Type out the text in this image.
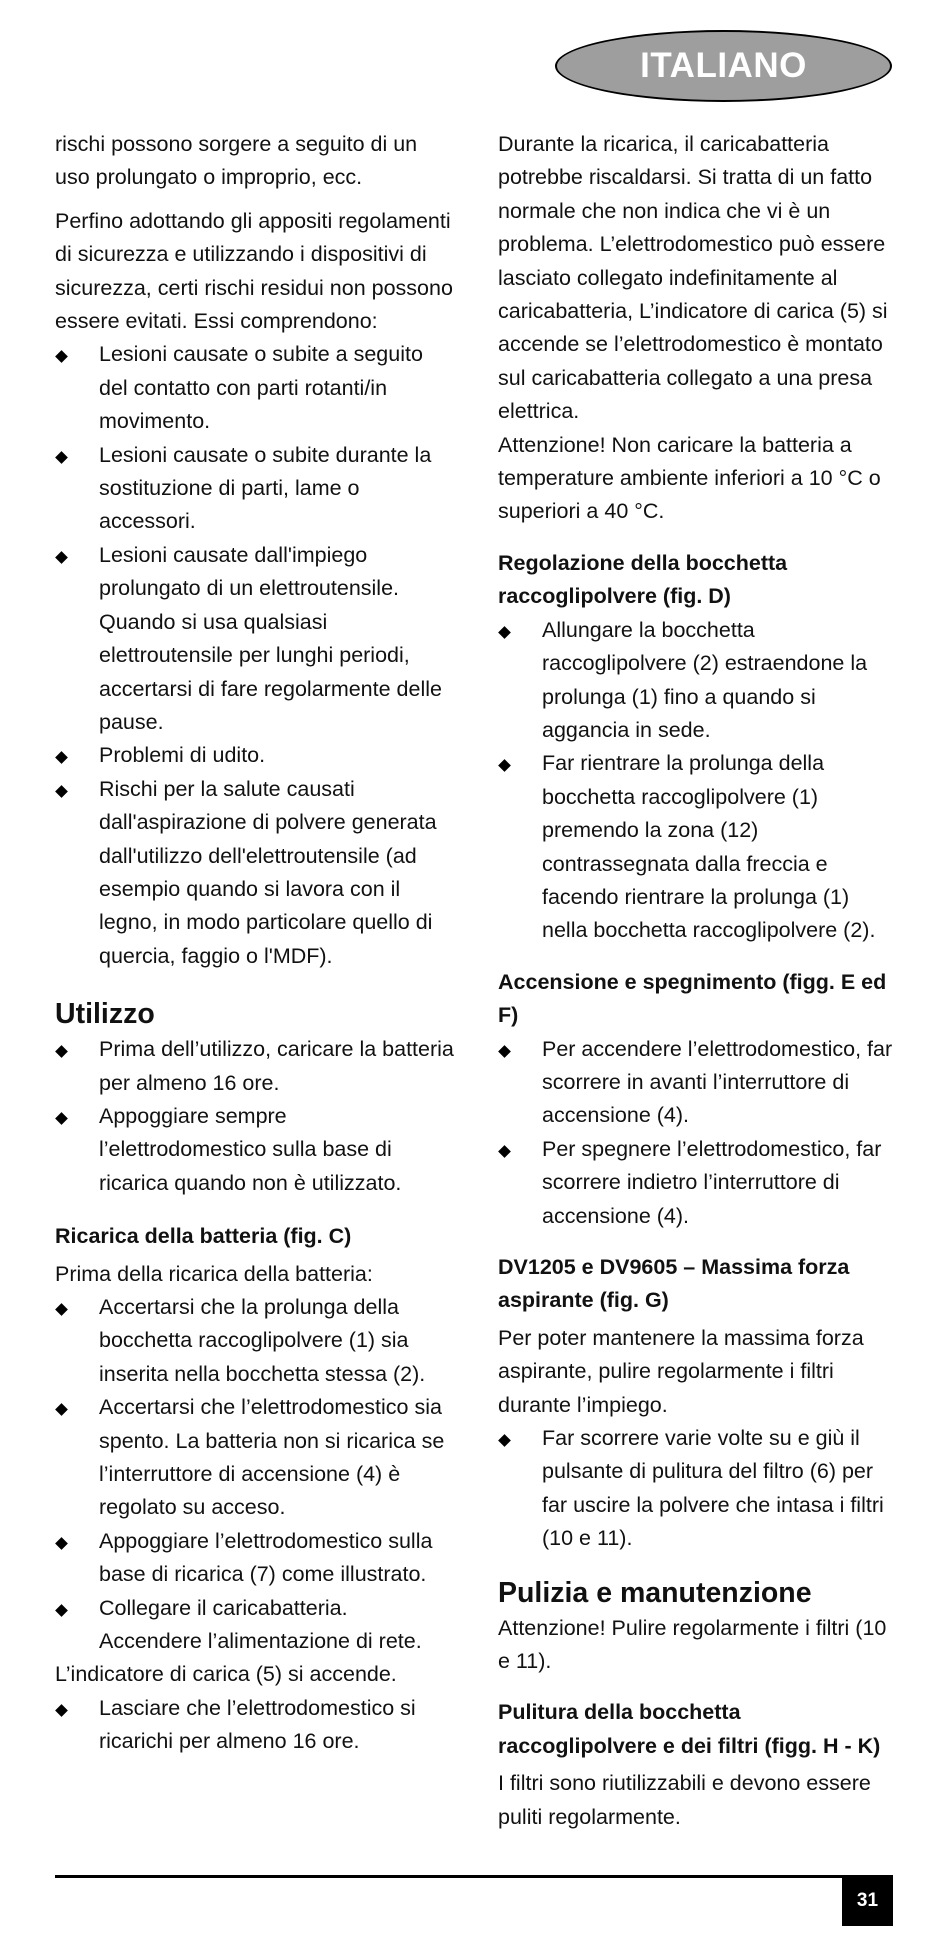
ITALIANO

rischi possono sorgere a seguito di un uso prolungato o improprio, ecc.

Perfino adottando gli appositi regolamenti di sicurezza e utilizzando i dispositivi di sicurezza, certi rischi residui non possono essere evitati. Essi comprendono:

Lesioni causate o subite a seguito del contatto con parti rotanti/in movimento.
Lesioni causate o subite durante la sostituzione di parti, lame o accessori.
Lesioni causate dall'impiego prolungato di un elettroutensile. Quando si usa qualsiasi elettroutensile per lunghi periodi, accertarsi di fare regolarmente delle pause.
Problemi di udito.
Rischi per la salute causati dall'aspirazione di polvere generata dall'utilizzo dell'elettroutensile (ad esempio quando si lavora con il legno, in modo particolare quello di quercia, faggio o l'MDF).
Utilizzo
Prima dell’utilizzo, caricare la batteria per almeno 16 ore.
Appoggiare sempre l’elettrodomestico sulla base di ricarica quando non è utilizzato.
Ricarica della batteria (fig. C)

Prima della ricarica della batteria:

Accertarsi che la prolunga della bocchetta raccoglipolvere (1) sia inserita nella bocchetta stessa (2).
Accertarsi che l’elettrodomestico sia spento. La batteria non si ricarica se l’interruttore di accensione (4) è regolato su acceso.
Appoggiare l’elettrodomestico sulla base di ricarica (7) come illustrato.
Collegare il caricabatteria. Accendere l’alimentazione di rete.

L’indicatore di carica (5) si accende.

Lasciare che l’elettrodomestico si ricarichi per almeno 16 ore.

Durante la ricarica, il caricabatteria potrebbe riscaldarsi. Si tratta di un fatto normale che non indica che vi è un problema. L’elettrodomestico può essere lasciato collegato indefinitamente al caricabatteria, L’indicatore di carica (5) si accende se l’elettrodomestico è montato sul caricabatteria collegato a una presa elettrica.

Attenzione! Non caricare la batteria a temperature ambiente inferiori a 10 °C o superiori a 40 °C.

Regolazione della bocchetta raccoglipolvere (fig. D)
Allungare la bocchetta raccoglipolvere (2) estraendone la prolunga (1) fino a quando si aggancia in sede.
Far rientrare la prolunga della bocchetta raccoglipolvere (1) premendo la zona (12) contrassegnata dalla freccia e facendo rientrare la prolunga (1) nella bocchetta raccoglipolvere (2).
Accensione e spegnimento (figg. E ed F)
Per accendere l’elettrodomestico, far scorrere in avanti l’interruttore di accensione (4).
Per spegnere l’elettrodomestico, far scorrere indietro l’interruttore di accensione (4).
DV1205 e DV9605 – Massima forza aspirante (fig. G)

Per poter mantenere la massima forza aspirante, pulire regolarmente i filtri durante l’impiego.

Far scorrere varie volte su e giù il pulsante di pulitura del filtro (6) per far uscire la polvere che intasa i filtri (10 e 11).
Pulizia e manutenzione

Attenzione! Pulire regolarmente i filtri (10 e 11).

Pulitura della bocchetta raccoglipolvere e dei filtri (figg. H - K)

I filtri sono riutilizzabili e devono essere puliti regolarmente.

31
